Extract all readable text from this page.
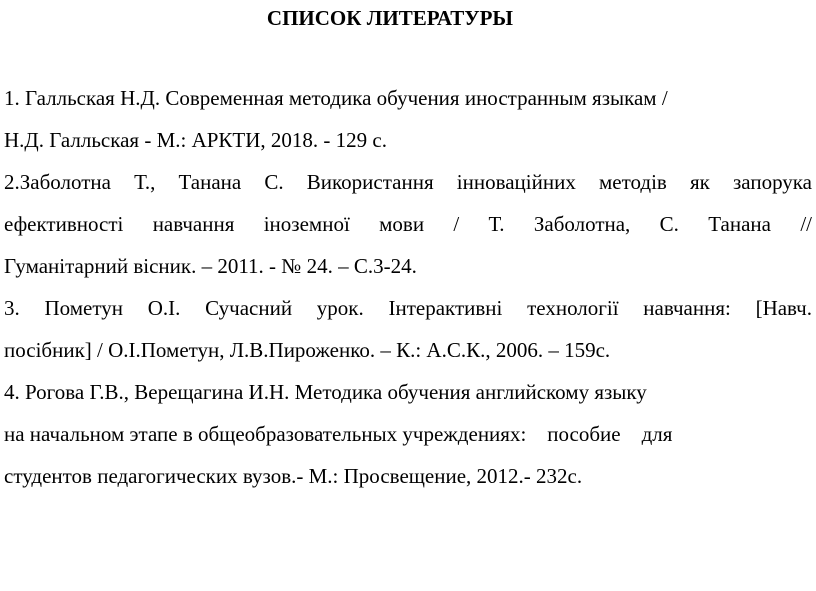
СПИСОК ЛИТЕРАТУРЫ
1. Галльская Н.Д. Современная методика обучения иностранным языкам /
Н.Д. Галльская - М.: АРКТИ, 2018. - 129 с.
2.Заболотна Т., Танана С. Використання інноваційних методів як запорука
ефективності навчання іноземної мови / Т. Заболотна, С. Танана //
Гуманітарний вісник. – 2011. - № 24. – С.3-24.
3. Пометун О.І. Сучасний урок. Інтерактивні технології навчання: [Навч.
посібник] / О.І.Пометун, Л.В.Пироженко. – К.: А.С.К., 2006. – 159с.
4. Рогова Г.В., Верещагина И.Н. Методика обучения английскому языку
на начальном этапе в общеобразовательных учреждениях:    пособие    для
студентов педагогических вузов.- М.: Просвещение, 2012.- 232с.
